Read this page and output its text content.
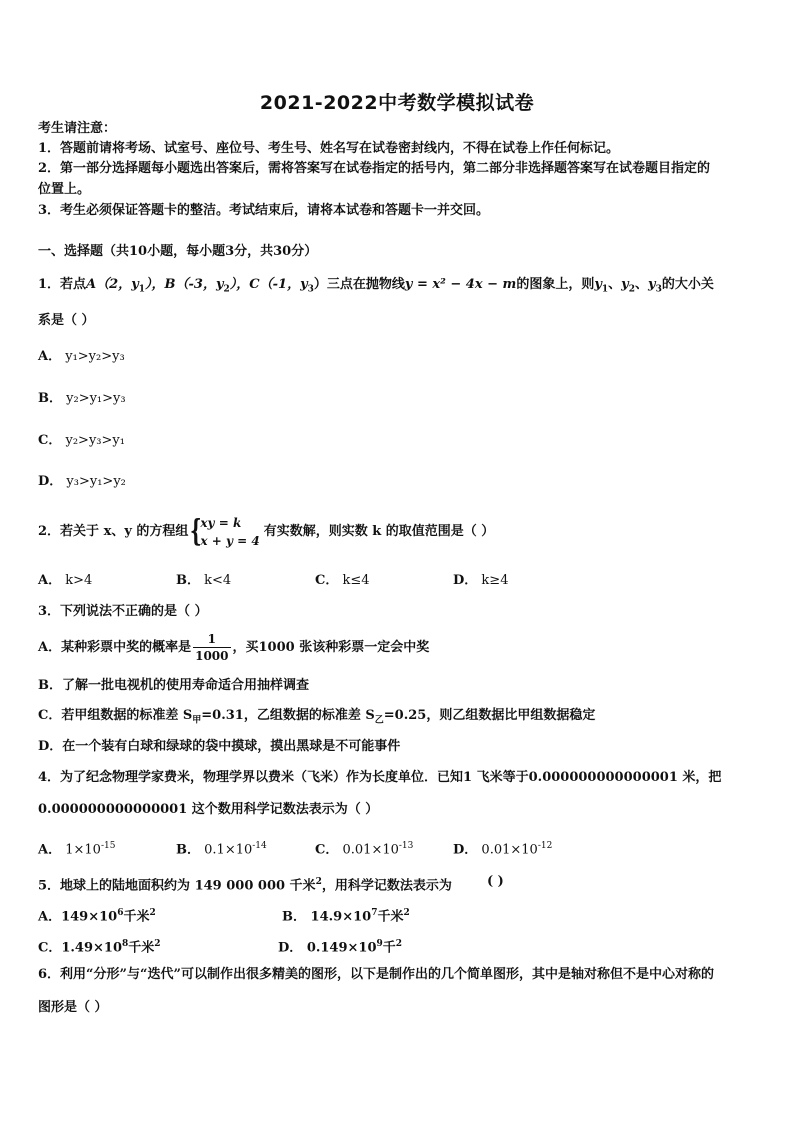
2021-2022中考数学模拟试卷
考生请注意：
1．答题前请将考场、试室号、座位号、考生号、姓名写在试卷密封线内，不得在试卷上作任何标记。
2．第一部分选择题每小题选出答案后，需将答案写在试卷指定的括号内，第二部分非选择题答案写在试卷题目指定的
位置上。
3．考生必须保证答题卡的整洁。考试结束后，请将本试卷和答题卡一并交回。
一、选择题（共10小题，每小题3分，共30分）
1．若点A（2，$y_1$），B（-3，$y_2$），C（-1，$y_3$）三点在抛物线y = x² − 4x − m的图象上，则$y_1$、$y_2$、$y_3$的大小关
系是（ ）
A． y₁>y₂>y₃
B． y₂>y₁>y₃
C． y₂>y₃>y₁
D． y₃>y₁>y₂
2．若关于 x、y 的方程组 {
xy = k
x + y = 4
有实数解，则实数 k 的取值范围是（ ）
A． k>4	B． k<4	C． k≤4	D． k≥4
3．下列说法不正确的是（ ）
A．某种彩票中奖的概率是 $\frac{1}{1000}$ ，买1000 张该种彩票一定会中奖
B．了解一批电视机的使用寿命适合用抽样调查
C．若甲组数据的标准差 $S_甲=0.31$，乙组数据的标准差 $S_乙=0.25$，则乙组数据比甲组数据稳定
D．在一个装有白球和绿球的袋中摸球，摸出黑球是不可能事件
4．为了纪念物理学家费米，物理学界以费米（飞米）作为长度单位．已知1 飞米等于0.000000000000001 米，把
0.000000000000001 这个数用科学记数法表示为（ ）
A． $1\times 10^{-15}$	B． $0.1\times 10^{-14}$	C． $0.01\times 10^{-13}$	D． $0.01\times 10^{-12}$
5．地球上的陆地面积约为 149 000 000 千米$^2$，用科学记数法表示为	( )
A．$149\times 10^6$千米$^2$	B． $14.9\times 10^7$千米$^2$
C．$1.49\times 10^8$千米$^2$	D． $0.149\times 10^9$千$^2$
6．利用“分形”与“迭代”可以制作出很多精美的图形，以下是制作出的几个简单图形，其中是轴对称但不是中心对称的
图形是（ ）
